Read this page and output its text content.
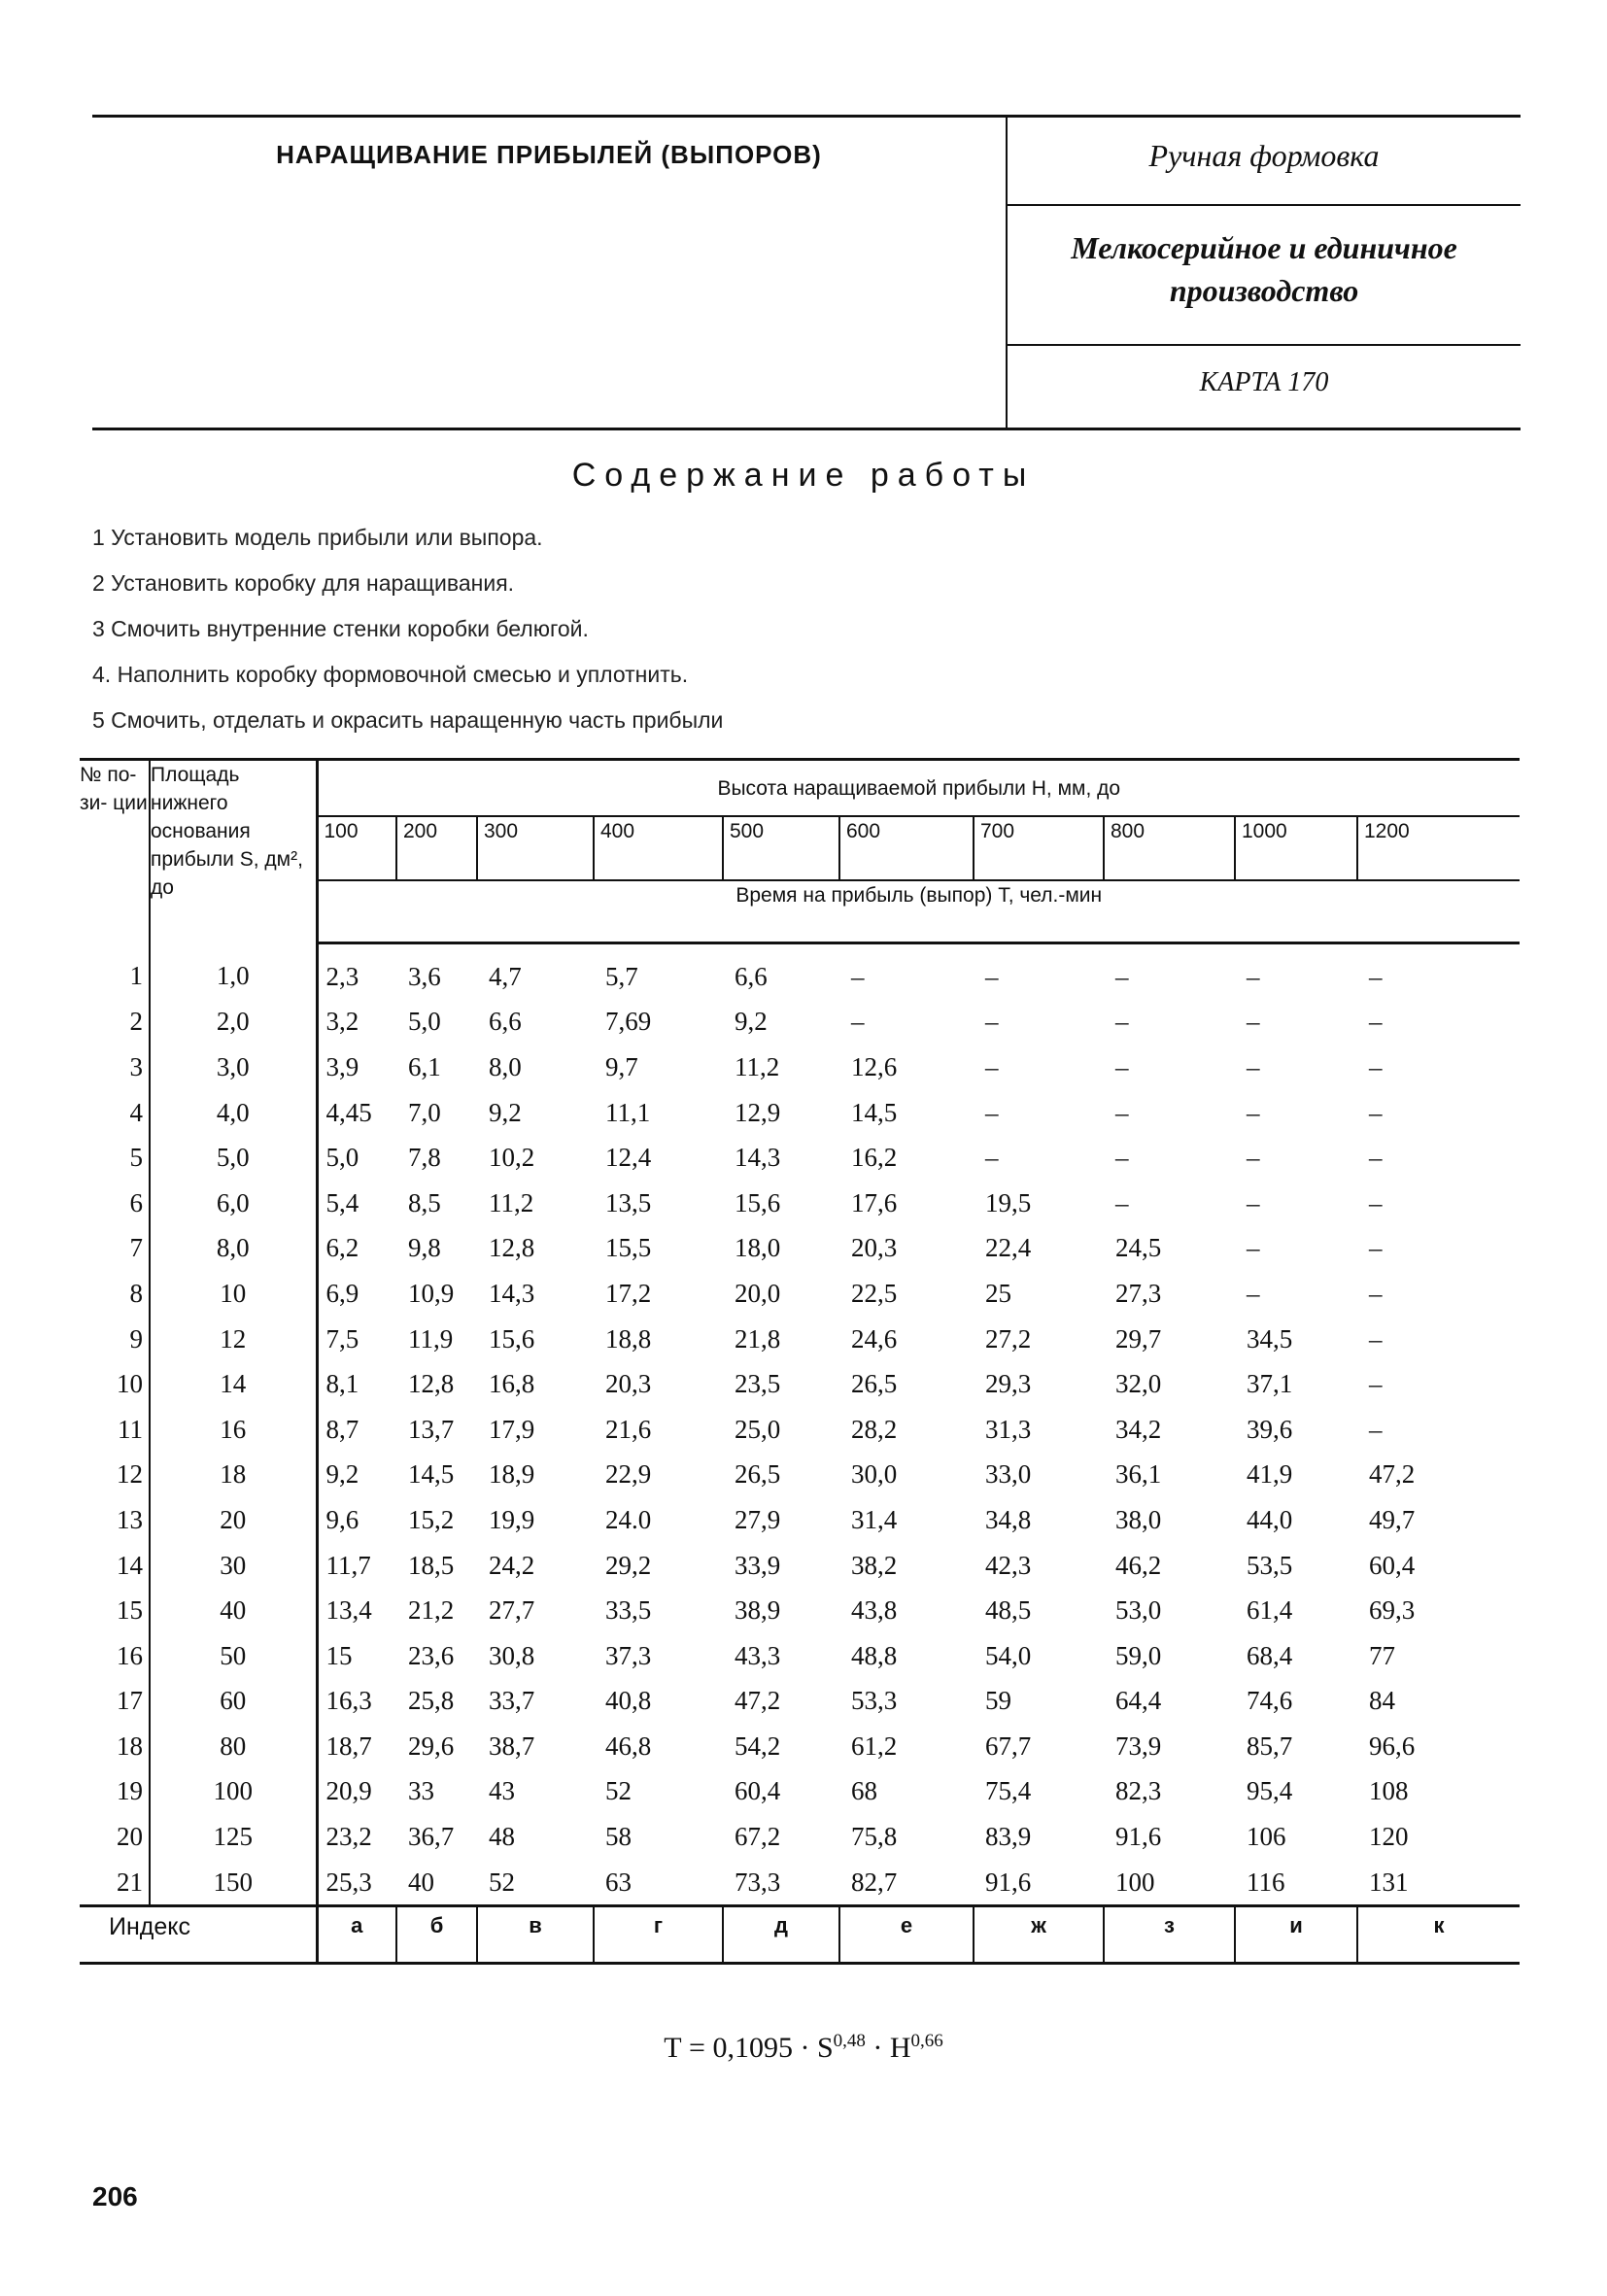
НАРАЩИВАНИЕ ПРИБЫЛЕЙ (ВЫПОРОВ)	Ручная формовка
Мелкосерийное и единичное производство
КАРТА 170
Содержание работы
1 Установить модель прибыли или выпора.
2 Установить коробку для наращивания.
3 Смочить внутренние стенки коробки белюгой.
4. Наполнить коробку формовочной смесью и уплотнить.
5 Смочить, отделать и окрасить наращенную часть прибыли
№ по- зи- ции	Площадь нижнего основания прибыли S, дм², до	Высота наращиваемой прибыли Н, мм, до									
		100	200	300	400	500	600	700	800	1000	1200
		Время на прибыль (выпор) Т, чел.-мин									
1	1,0	2,3	3,6	4,7	5,7	6,6	–	–	–	–	–
2	2,0	3,2	5,0	6,6	7,69	9,2	–	–	–	–	–
3	3,0	3,9	6,1	8,0	9,7	11,2	12,6	–	–	–	–
4	4,0	4,45	7,0	9,2	11,1	12,9	14,5	–	–	–	–
5	5,0	5,0	7,8	10,2	12,4	14,3	16,2	–	–	–	–
6	6,0	5,4	8,5	11,2	13,5	15,6	17,6	19,5	–	–	–
7	8,0	6,2	9,8	12,8	15,5	18,0	20,3	22,4	24,5	–	–
8	10	6,9	10,9	14,3	17,2	20,0	22,5	25	27,3	–	–
9	12	7,5	11,9	15,6	18,8	21,8	24,6	27,2	29,7	34,5	–
10	14	8,1	12,8	16,8	20,3	23,5	26,5	29,3	32,0	37,1	–
11	16	8,7	13,7	17,9	21,6	25,0	28,2	31,3	34,2	39,6	–
12	18	9,2	14,5	18,9	22,9	26,5	30,0	33,0	36,1	41,9	47,2
13	20	9,6	15,2	19,9	24.0	27,9	31,4	34,8	38,0	44,0	49,7
14	30	11,7	18,5	24,2	29,2	33,9	38,2	42,3	46,2	53,5	60,4
15	40	13,4	21,2	27,7	33,5	38,9	43,8	48,5	53,0	61,4	69,3
16	50	15	23,6	30,8	37,3	43,3	48,8	54,0	59,0	68,4	77
17	60	16,3	25,8	33,7	40,8	47,2	53,3	59	64,4	74,6	84
18	80	18,7	29,6	38,7	46,8	54,2	61,2	67,7	73,9	85,7	96,6
19	100	20,9	33	43	52	60,4	68	75,4	82,3	95,4	108
20	125	23,2	36,7	48	58	67,2	75,8	83,9	91,6	106	120
21	150	25,3	40	52	63	73,3	82,7	91,6	100	116	131
Индекс		а	б	в	г	д	е	ж	з	и	к
Т = 0,1095 · S$^{0,48}$ · Н$^{0,66}$
206
